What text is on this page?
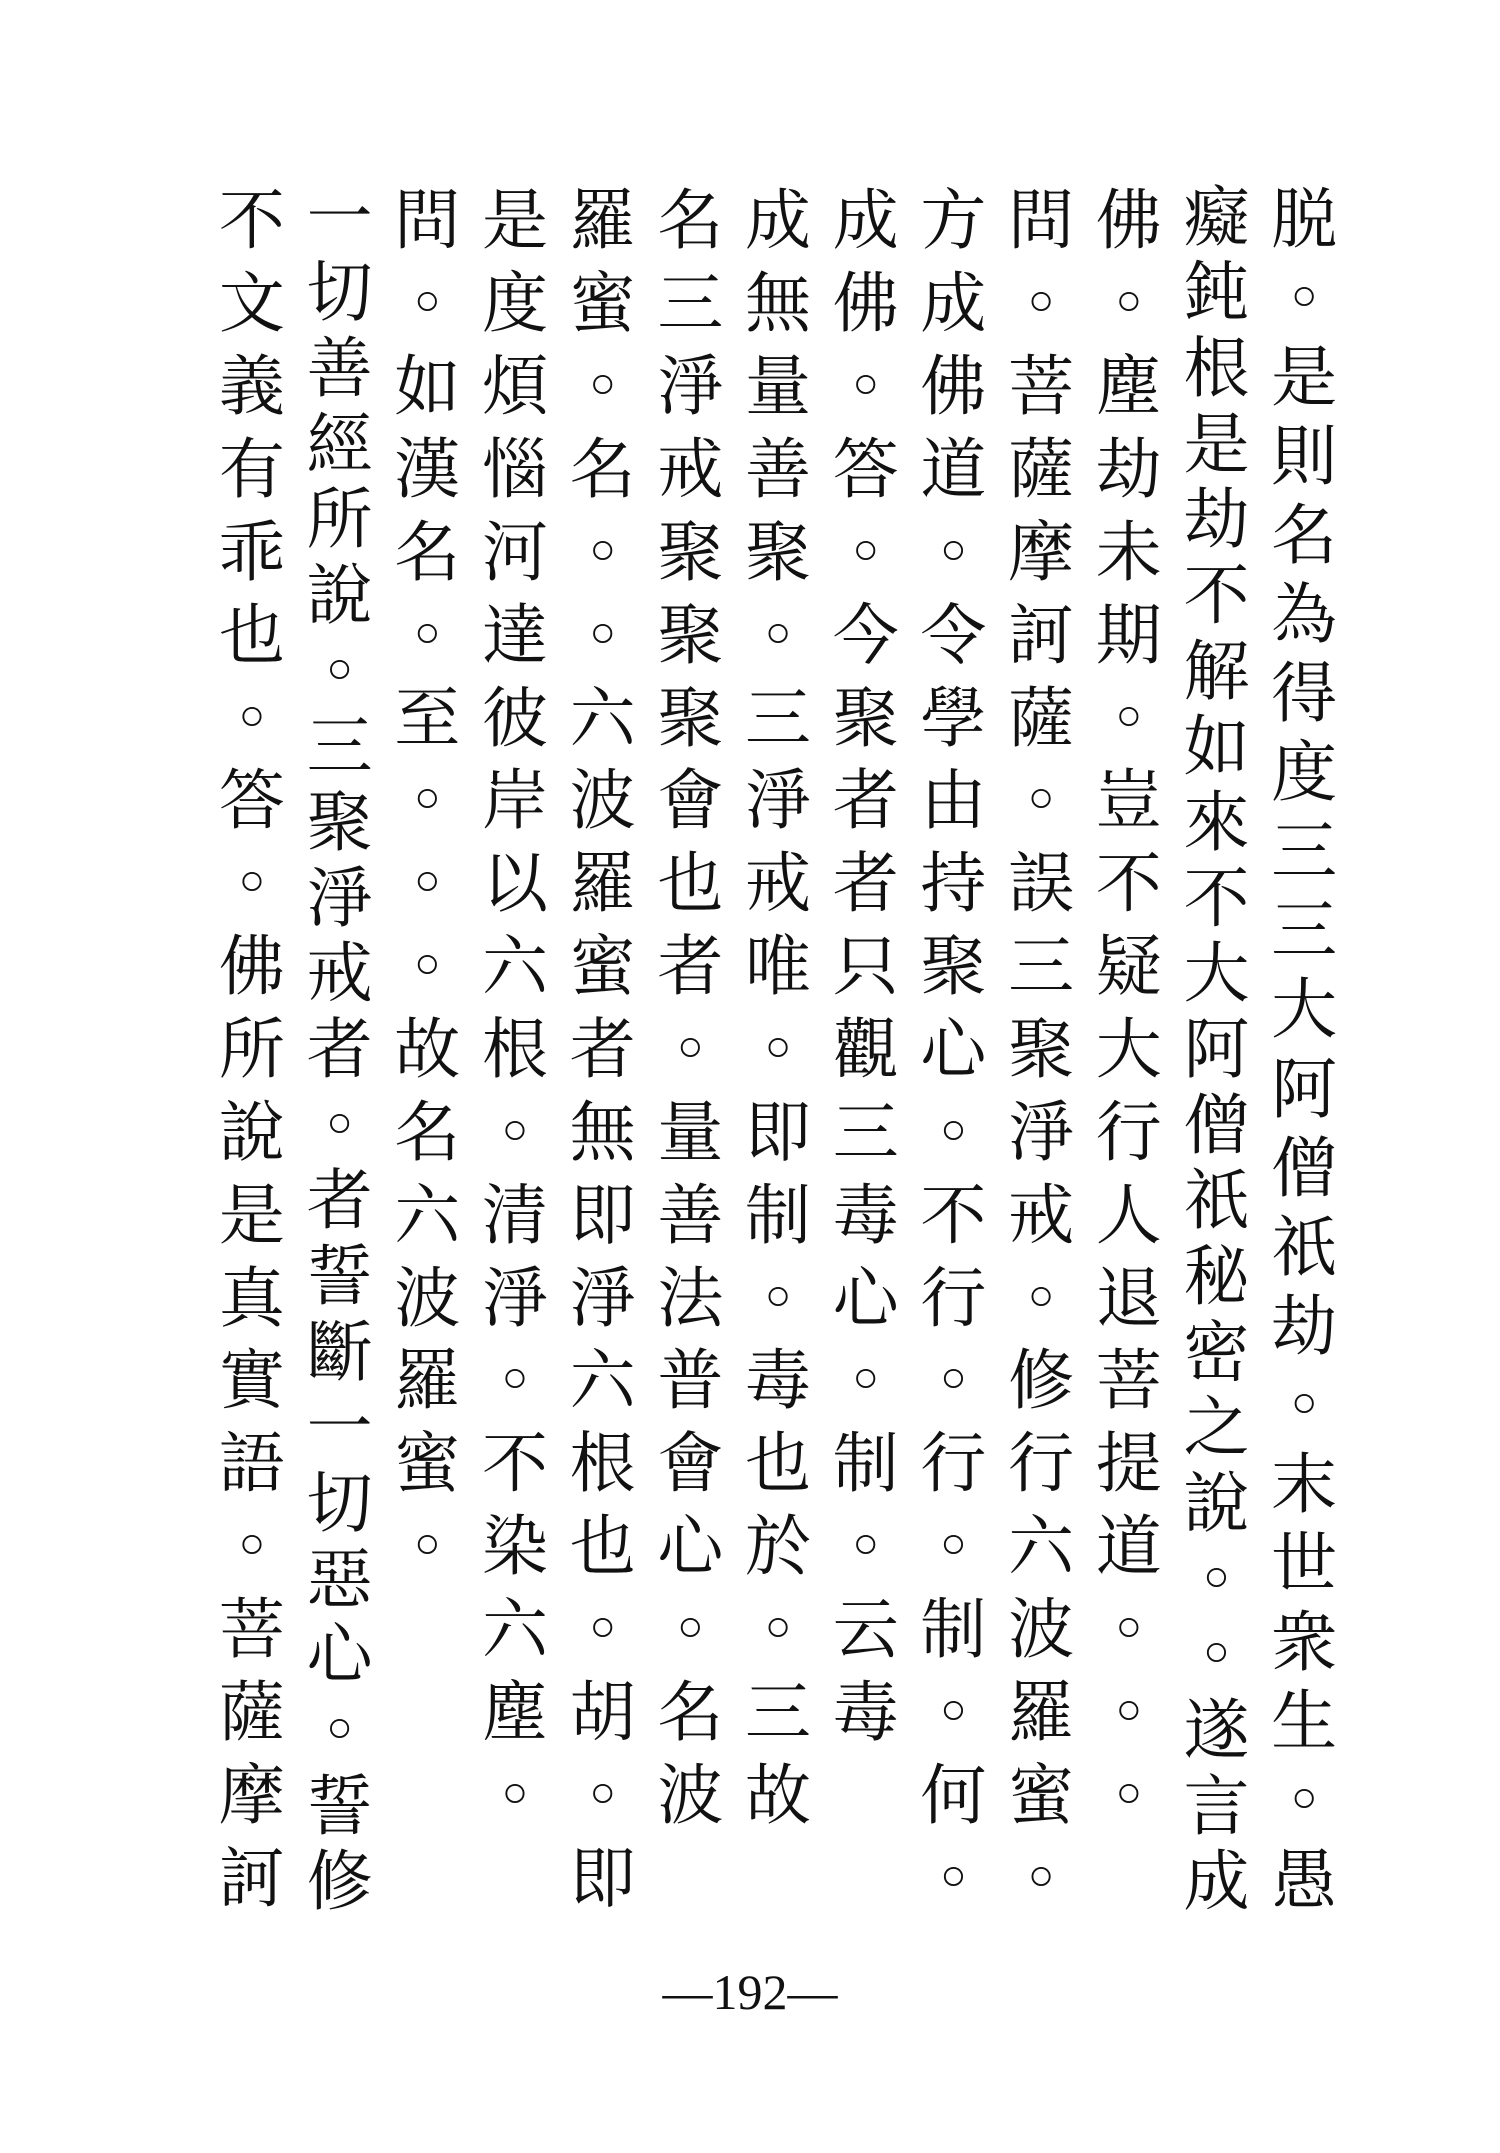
脱
◦
是
則
名
為
得
度
三
三
大
阿
僧
祇
劫
◦
末
世
衆
生
◦
愚
癡
鈍
根
是
劫
不
解
如
來
不
大
阿
僧
祇
秘
密
之
說
◦
◦
遂
言
成
佛
◦
塵
劫
未
期
◦
豈
不
疑
大
行
人
退
菩
提
道
◦
◦
◦
問
◦
菩
薩
摩
訶
薩
◦
誤
三
聚
淨
戒
◦
修
行
六
波
羅
蜜
◦
方
成
佛
道
◦
令
學
由
持
聚
心
◦
不
行
◦
行
◦
制
◦
何
◦
成
佛
◦
答
◦
今
聚
者
者
只
觀
三
毒
心
◦
制
◦
云
毒
成
無
量
善
聚
◦
三
淨
戒
唯
◦
即
制
◦
毒
也
於
◦
三
故
名
三
淨
戒
聚
聚
聚
會
也
者
◦
量
善
法
普
會
心
◦
名
波
羅
蜜
◦
名
◦
◦
六
波
羅
蜜
者
無
即
淨
六
根
也
◦
胡
◦
即
是
度
煩
惱
河
達
彼
岸
以
六
根
◦
清
淨
◦
不
染
六
塵
◦
問
◦
如
漢
名
◦
至
◦
◦
◦
故
名
六
波
羅
蜜
◦
一
切
善
經
所
說
◦
三
聚
淨
戒
者
◦
者
誓
斷
一
切
惡
心
◦
誓
修
不
文
義
有
乖
也
◦
答
◦
佛
所
說
是
真
實
語
◦
菩
薩
摩
訶
—192—
